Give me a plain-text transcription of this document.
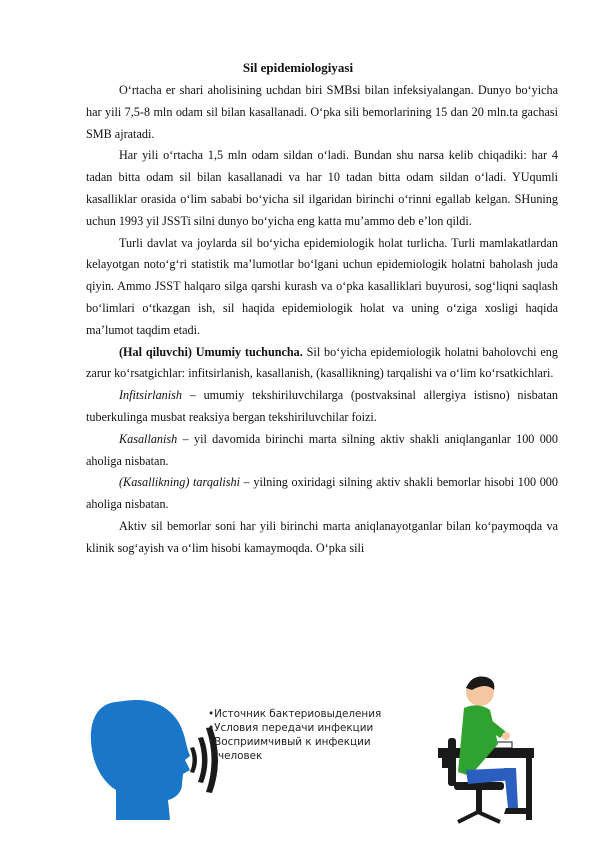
Sil epidemiologiyasi

O‘rtacha er shari aholisining uchdan biri SMBsi bilan infeksiyalangan. Dunyo bo‘yicha har yili 7,5-8 mln odam sil bilan kasallanadi. O‘pka sili bemorlarining 15 dan 20 mln.ta gachasi SMB ajratadi.

Har yili o‘rtacha 1,5 mln odam sildan o‘ladi. Bundan shu narsa kelib chiqadiki: har 4 tadan bitta odam sil bilan kasallanadi va har 10 tadan bitta odam sildan o‘ladi. YUqumli kasalliklar orasida o‘lim sababi bo‘yicha sil ilgaridan birinchi o‘rinni egallab kelgan. SHuning uchun 1993 yil JSSTi silni dunyo bo‘yicha eng katta mu’ammo deb e’lon qildi.

Turli davlat va joylarda sil bo‘yicha epidemiologik holat turlicha. Turli mamlakatlardan kelayotgan noto‘g‘ri statistik ma’lumotlar bo‘lgani uchun epidemiologik holatni baholash juda qiyin. Ammo JSST halqaro silga qarshi kurash va o‘pka kasalliklari buyurosi, sog‘liqni saqlash bo‘limlari o‘tkazgan ish, sil haqida epidemiologik holat va uning o‘ziga xosligi haqida ma’lumot taqdim etadi.

(Hal qiluvchi) Umumiy tuchuncha. Sil bo‘yicha epidemiologik holatni baholovchi eng zarur ko‘rsatgichlar: infitsirlanish, kasallanish, (kasallikning) tarqalishi va o‘lim ko‘rsatkichlari.

Infitsirlanish – umumiy tekshiriluvchilarga (postvaksinal allergiya istisno) nisbatan tuberkulinga musbat reaksiya bergan tekshiriluvchilar foizi.

Kasallanish – yil davomida birinchi marta silning aktiv shakli aniqlanganlar 100 000 aholiga nisbatan.

(Kasallikning) tarqalishi – yilning oxiridagi silning aktiv shakli bemorlar hisobi 100 000 aholiga nisbatan.

Aktiv sil bemorlar soni har yili birinchi marta aniqlanayotganlar bilan ko‘paymoqda va klinik sog‘ayish va o‘lim hisobi kamaymoqda. O‘pka sili

•Источник бактериовыделения
•Условия передачи инфекции
•Восприимчивый к инфекции
человек
